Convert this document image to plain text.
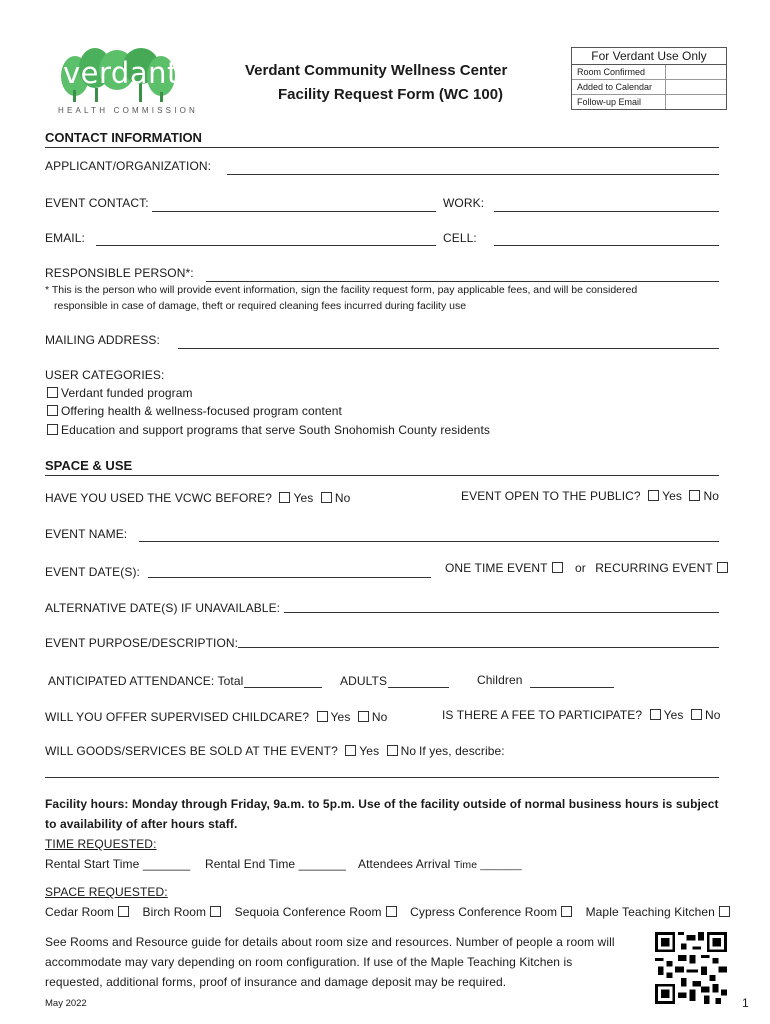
verdant
HEALTH COMMISSION
Verdant Community Wellness Center
Facility Request Form (WC 100)
For Verdant Use Only
Room Confirmed
Added to Calendar
Follow-up Email
CONTACT INFORMATION
APPLICANT/ORGANIZATION:
EVENT CONTACT:	WORK:
EMAIL:	CELL:
RESPONSIBLE PERSON*:
* This is the person who will provide event information, sign the facility request form, pay applicable fees, and will be considered
responsible in case of damage, theft or required cleaning fees incurred during facility use
MAILING ADDRESS:
USER CATEGORIES:
Verdant funded program
Offering health & wellness-focused program content
Education and support programs that serve South Snohomish County residents
SPACE & USE
HAVE YOU USED THE VCWC BEFORE? Yes No	EVENT OPEN TO THE PUBLIC? Yes No
EVENT NAME:
EVENT DATE(S):	ONE TIME EVENT or RECURRING EVENT
ALTERNATIVE DATE(S) IF UNAVAILABLE:
EVENT PURPOSE/DESCRIPTION:
ANTICIPATED ATTENDANCE: Total	ADULTS	Children
WILL YOU OFFER SUPERVISED CHILDCARE? Yes No	IS THERE A FEE TO PARTICIPATE? Yes No
WILL GOODS/SERVICES BE SOLD AT THE EVENT? Yes No If yes, describe:
Facility hours: Monday through Friday, 9a.m. to 5p.m. Use of the facility outside of normal business hours is subject
to availability of after hours staff.
TIME REQUESTED:
Rental Start Time _______ Rental End Time _______ Attendees Arrival Time _______
SPACE REQUESTED:
Cedar Room Birch Room Sequoia Conference Room Cypress Conference Room Maple Teaching Kitchen
See Rooms and Resource guide for details about room size and resources. Number of people a room will
accommodate may vary depending on room configuration. If use of the Maple Teaching Kitchen is
requested, additional forms, proof of insurance and damage deposit may be required.
May 2022	1
